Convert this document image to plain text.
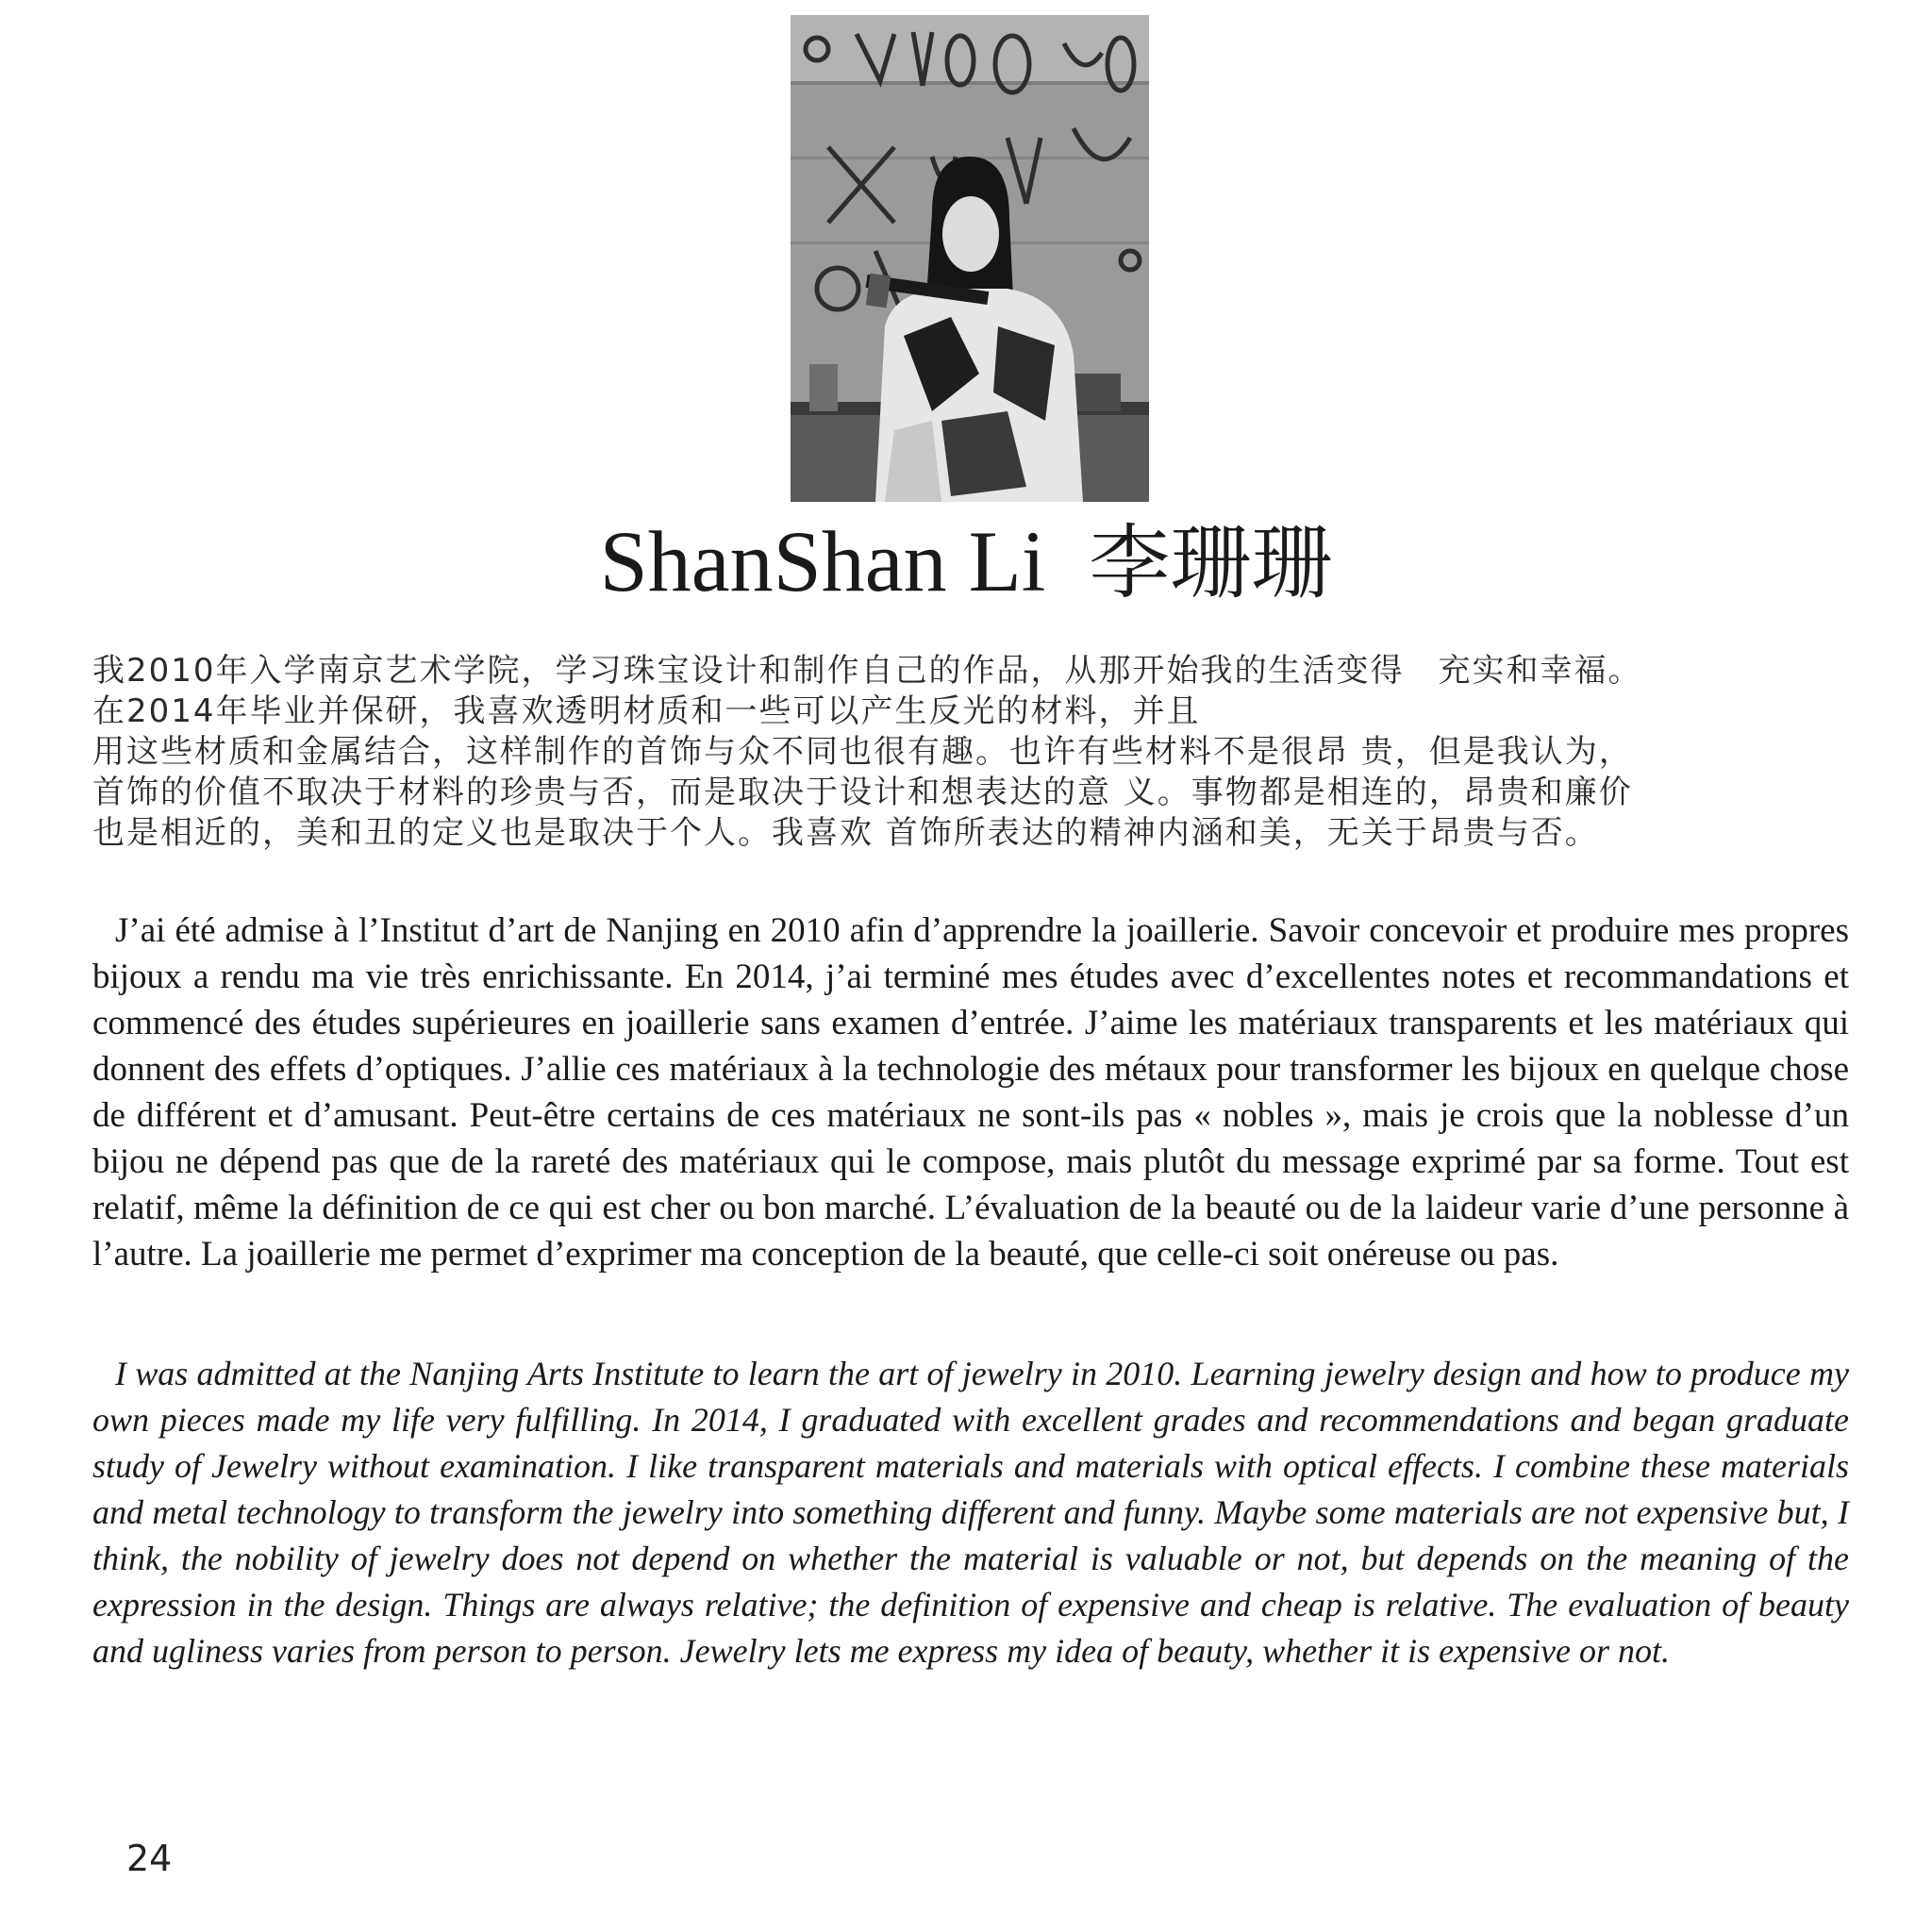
ShanShan Li 李珊珊
我2010年入学南京艺术学院，学习珠宝设计和制作自己的作品，从那开始我的生活变得　充实和幸福。
在2014年毕业并保研，我喜欢透明材质和一些可以产生反光的材料，并且
用这些材质和金属结合，这样制作的首饰与众不同也很有趣。也许有些材料不是很昂 贵，但是我认为，
首饰的价值不取决于材料的珍贵与否，而是取决于设计和想表达的意 义。事物都是相连的，昂贵和廉价
也是相近的，美和丑的定义也是取决于个人。我喜欢 首饰所表达的精神内涵和美，无关于昂贵与否。

J’ai été admise à l’Institut d’art de Nanjing en 2010 afin d’apprendre la joaillerie. Savoir concevoir et produire mes propres bijoux a rendu ma vie très enrichissante. En 2014, j’ai terminé mes études avec d’excellentes notes et recommandations et commencé des études supérieures en joaillerie sans examen d’entrée. J’aime les matériaux transparents et les matériaux qui donnent des effets d’optiques. J’allie ces matériaux à la technologie des métaux pour transformer les bijoux en quelque chose de différent et d’amusant. Peut-être certains de ces matériaux ne sont-ils pas « nobles », mais je crois que la noblesse d’un bijou ne dépend pas que de la rareté des matériaux qui le compose, mais plutôt du message exprimé par sa forme. Tout est relatif, même la définition de ce qui est cher ou bon marché. L’évaluation de la beauté ou de la laideur varie d’une personne à l’autre. La joaillerie me permet d’exprimer ma conception de la beauté, que celle-ci soit onéreuse ou pas.

I was admitted at the Nanjing Arts Institute to learn the art of jewelry in 2010. Learning jewelry design and how to produce my own pieces made my life very fulfilling. In 2014, I graduated with excellent grades and recommendations and began graduate study of Jewelry without examination. I like transparent materials and materials with optical effects. I combine these materials and metal technology to transform the jewelry into something different and funny. Maybe some materials are not expensive but, I think, the nobility of jewelry does not depend on whether the material is valuable or not, but depends on the meaning of the expression in the design. Things are always relative; the definition of expensive and cheap is relative. The evaluation of beauty and ugliness varies from person to person. Jewelry lets me express my idea of beauty, whether it is expensive or not.

24
